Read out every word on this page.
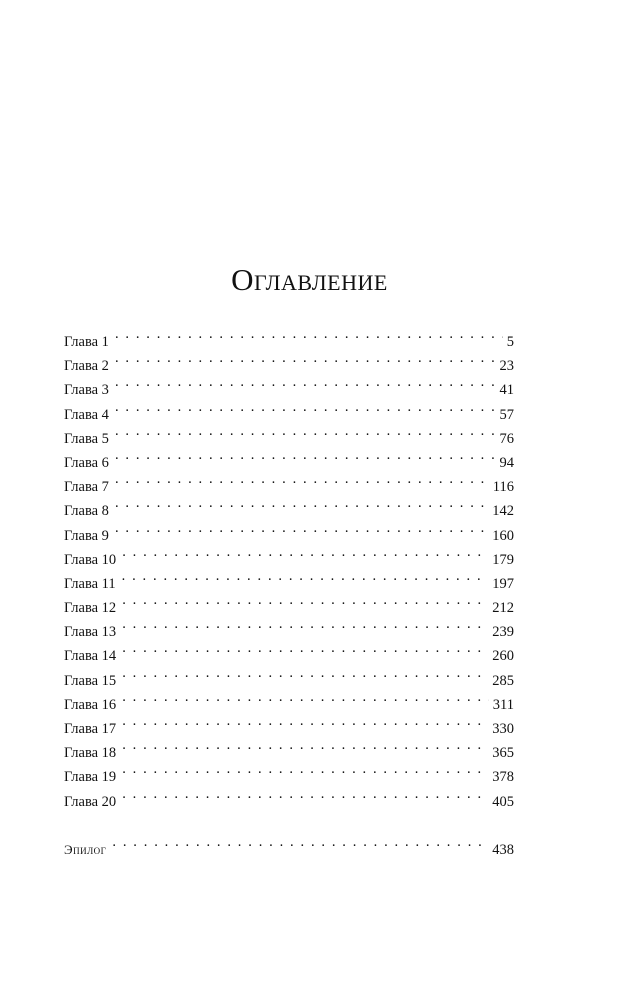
Оглавление
Глава 1 . . .	5
Глава 2 . . .	23
Глава 3 . . .	41
Глава 4 . . .	57
Глава 5 . . .	76
Глава 6 . . .	94
Глава 7 . . .	116
Глава 8 . . .	142
Глава 9 . . .	160
Глава 10 . . .	179
Глава 11 . . .	197
Глава 12 . . .	212
Глава 13 . . .	239
Глава 14 . . .	260
Глава 15 . . .	285
Глава 16 . . .	311
Глава 17 . . .	330
Глава 18 . . .	365
Глава 19 . . .	378
Глава 20 . . .	405
Эпилог . . .	438
